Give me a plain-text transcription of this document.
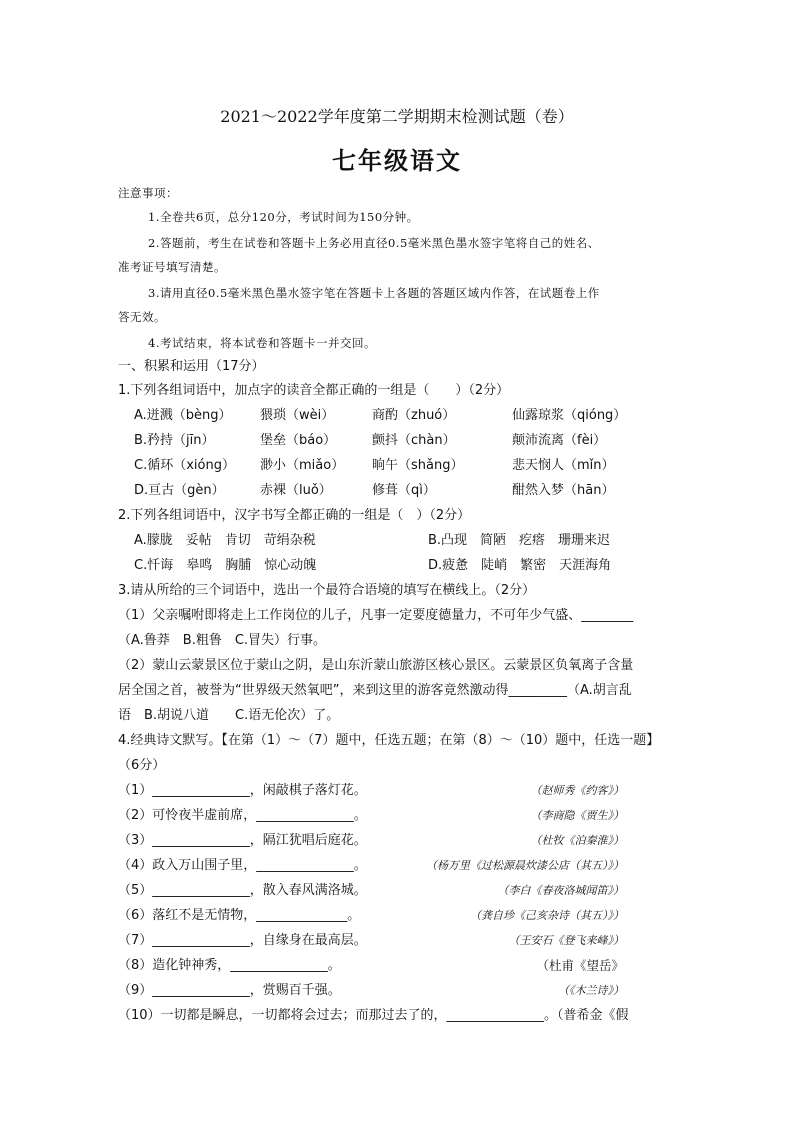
2021～2022学年度第二学期期末检测试题（卷）
七年级语文
注意事项：
1.全卷共6页，总分120分，考试时间为150分钟。
2.答题前，考生在试卷和答题卡上务必用直径0.5毫米黑色墨水签字笔将自己的姓名、
准考证号填写清楚。
3.请用直径0.5毫米黑色墨水签字笔在答题卡上各题的答题区域内作答，在试题卷上作
答无效。
4.考试结束，将本试卷和答题卡一并交回。
一、积累和运用（17分）
1.下列各组词语中，加点字的读音全都正确的一组是（　　）（2分）
A.迸溅（bèng） 猥琐（wèi）	商酌（zhuó）	仙露琼浆（qióng）
B.矜持（jīn）	堡垒（báo）	颤抖（chàn）	颠沛流离（fèi）
C.循环（xióng） 渺小（miǎo） 晌午（shǎng）	悲天悯人（mǐn）
D.亘古（gèn）	赤裸（luǒ）	修葺（qì）	酣然入梦（hān）
2.下列各组词语中，汉字书写全都正确的一组是（　）（2分）
A.朦胧　妥帖　肯切　苛绢杂税	B.凸现　简陋　疙瘩　珊珊来迟
C.忏诲　皋鸣　胸脯　惊心动魄	D.疲惫　陡峭　繁密　天涯海角
3.请从所给的三个词语中，选出一个最符合语境的填写在横线上。（2分）
（1）父亲嘱咐即将走上工作岗位的儿子，凡事一定要度德量力，不可年少气盛、________
（A.鲁莽　B.粗鲁　C.冒失）行事。
（2）蒙山云蒙景区位于蒙山之阴，是山东沂蒙山旅游区核心景区。云蒙景区负氧离子含量
居全国之首，被誉为“世界级天然氧吧”，来到这里的游客竟然激动得_________（A.胡言乱
语　B.胡说八道　　C.语无伦次）了。
4.经典诗文默写。【在第（1）～（7）题中，任选五题；在第（8）～（10）题中，任选一题】
（6分）
（1）_______________，闲敲棋子落灯花。	（赵师秀《约客》）
（2）可怜夜半虚前席，_______________。	（李商隐《贾生》）
（3）_______________，隔江犹唱后庭花。	（杜牧《泊秦淮》）
（4）政入万山围子里，_______________。	（杨万里《过松源晨炊漆公店（其五）》）
（5）_______________，散入春风满洛城。	（李白《春夜洛城闻笛》）
（6）落红不是无情物，______________。	（龚自珍《己亥杂诗（其五）》）
（7）_______________，自缘身在最高层。	（王安石《登飞来峰》）
（8）造化钟神秀，_______________。	（杜甫《望岳》
（9）_______________，赏赐百千强。	（《木兰诗》）
（10）一切都是瞬息，一切都将会过去；而那过去了的，_______________。（普希金《假
